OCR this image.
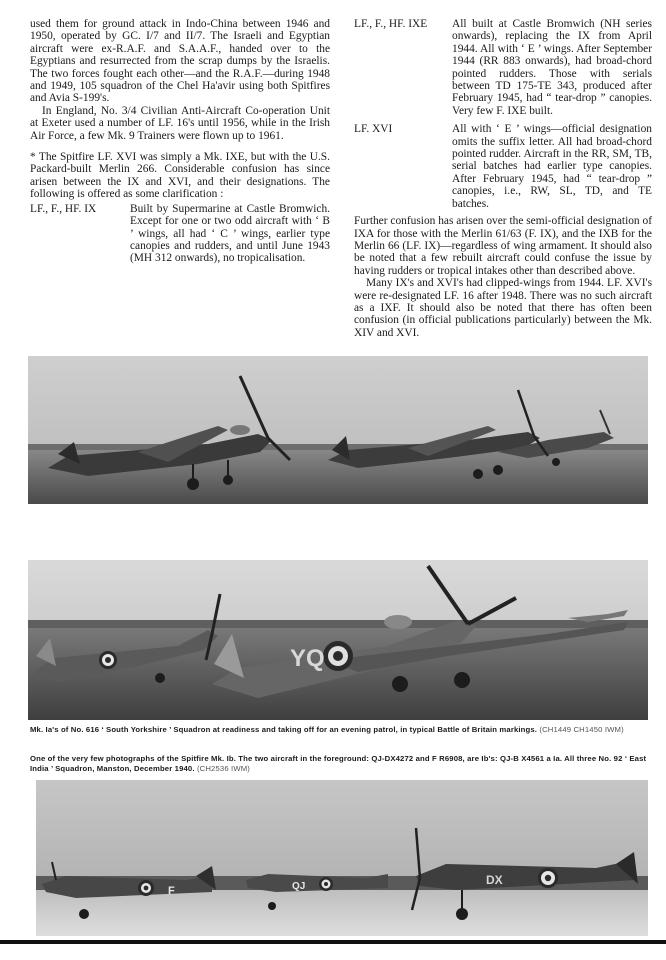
used them for ground attack in Indo-China between 1946 and 1950, operated by GC. I/7 and II/7. The Israeli and Egyptian aircraft were ex-R.A.F. and S.A.A.F., handed over to the Egyptians and resurrected from the scrap dumps by the Israelis. The two forces fought each other—and the R.A.F.—during 1948 and 1949, 105 squadron of the Chel Ha'avir using both Spitfires and Avia S-199's.

In England, No. 3/4 Civilian Anti-Aircraft Co-operation Unit at Exeter used a number of LF. 16's until 1956, while in the Irish Air Force, a few Mk. 9 Trainers were flown up to 1961.

* The Spitfire LF. XVI was simply a Mk. IXE, but with the U.S. Packard-built Merlin 266. Considerable confusion has since arisen between the IX and XVI, and their designations. The following is offered as some clarification :

LF., F., HF. IX	Built by Supermarine at Castle Bromwich. Except for one or two odd aircraft with ‘ B ’ wings, all had ‘ C ’ wings, earlier type canopies and rudders, and until June 1943 (MH 312 onwards), no tropicalisation.
LF., F., HF. IXE	All built at Castle Bromwich (NH series onwards), replacing the IX from April 1944. All with ‘ E ’ wings. After September 1944 (RR 883 onwards), had broad-chord pointed rudders. Those with serials between TD 175-TE 343, produced after February 1945, had “ tear-drop ” canopies. Very few F. IXE built.
LF. XVI	All with ‘ E ’ wings—official designation omits the suffix letter. All had broad-chord pointed rudder. Aircraft in the RR, SM, TB, serial batches had earlier type canopies. After February 1945, had “ tear-drop ” canopies, i.e., RW, SL, TD, and TE batches.

Further confusion has arisen over the semi-official designation of IXA for those with the Merlin 61/63 (F. IX), and the IXB for the Merlin 66 (LF. IX)—regardless of wing armament. It should also be noted that a few rebuilt aircraft could confuse the issue by having rudders or tropical intakes other than described above.

Many IX's and XVI's had clipped-wings from 1944. LF. XVI's were re-designated LF. 16 after 1948. There was no such aircraft as a IXF. It should also be noted that there has often been confusion (in official publications particularly) between the Mk. XIV and XVI.

YQ
Mk. Ia's of No. 616 ‘ South Yorkshire ’ Squadron at readiness and taking off for an evening patrol, in typical Battle of Britain markings. (CH1449 CH1450 IWM)
One of the very few photographs of the Spitfire Mk. Ib. The two aircraft in the foreground: QJ-DX4272 and F R6908, are Ib's: QJ-B X4561 a Ia. All three No. 92 ‘ East India ’ Squadron, Manston, December 1940. (CH2536 IWM)
F	QJ	DX
